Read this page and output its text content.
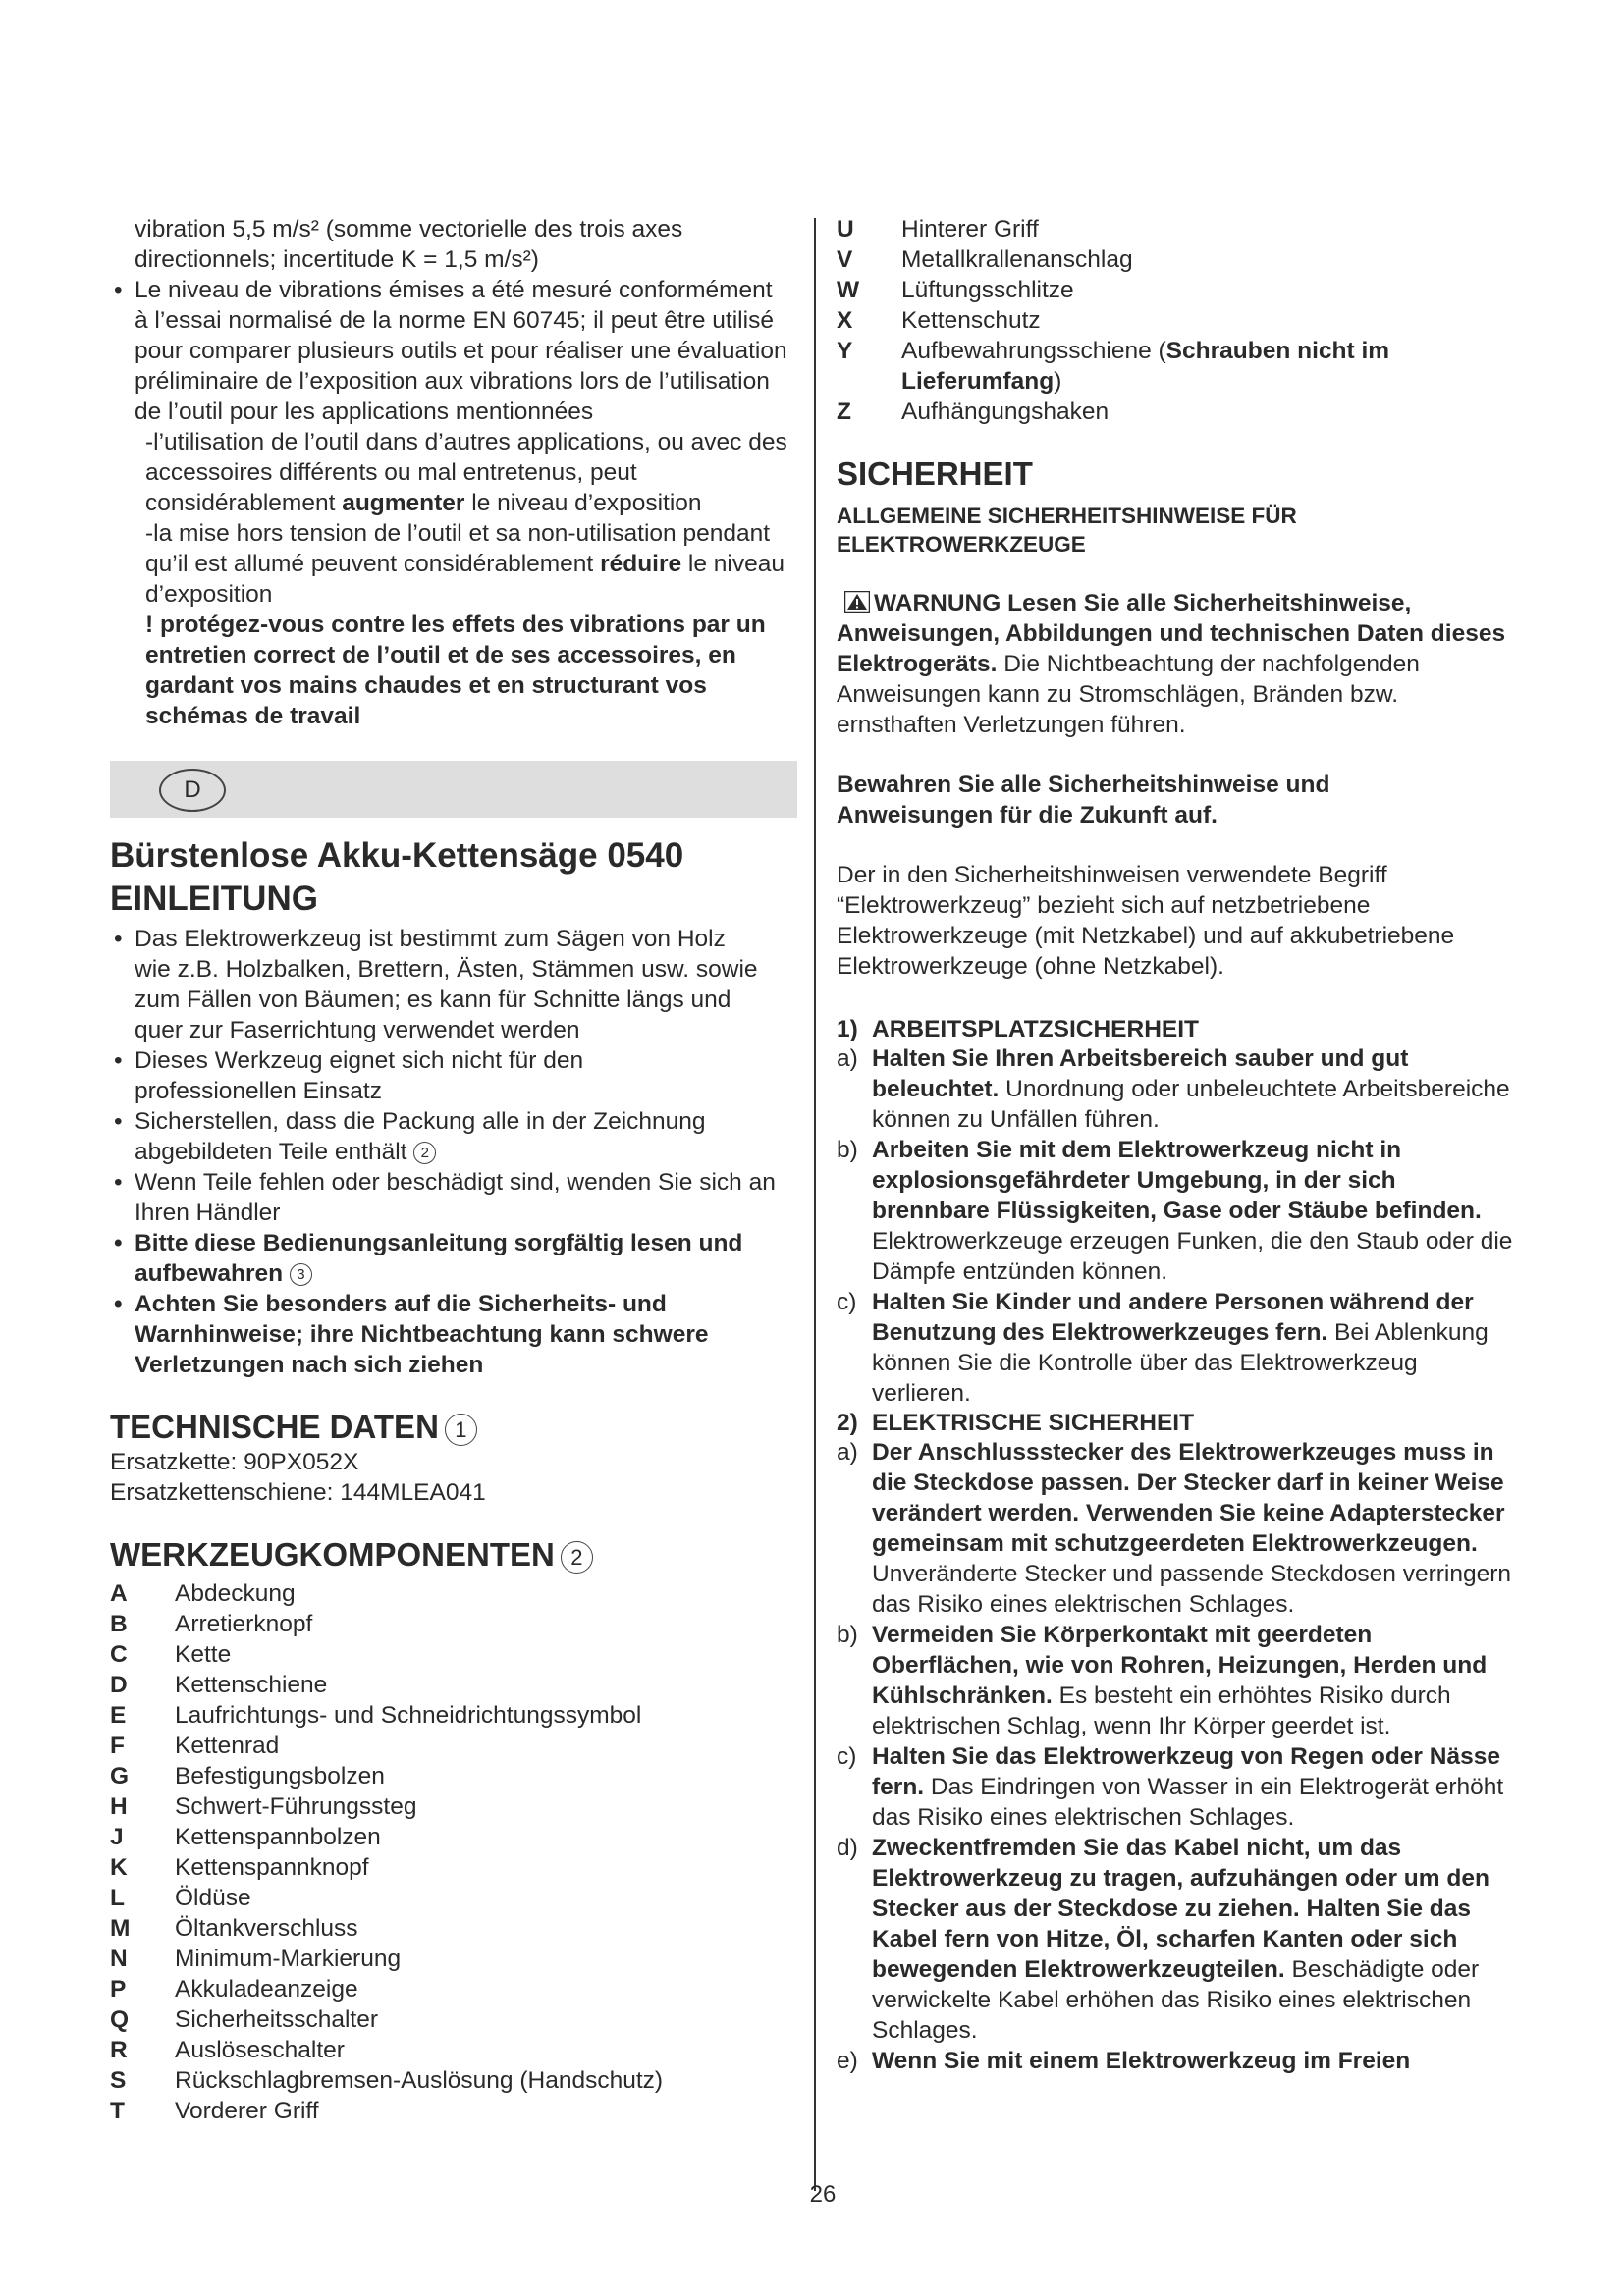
vibration 5,5 m/s² (somme vectorielle des trois axes

directionnels; incertitude K = 1,5 m/s²)

• Le niveau de vibrations émises a été mesuré conformément à l’essai normalisé de la norme EN 60745; il peut être utilisé pour comparer plusieurs outils et pour réaliser une évaluation préliminaire de l’exposition aux vibrations lors de l’utilisation de l’outil pour les applications mentionnées

-l’utilisation de l’outil dans d’autres applications, ou avec des accessoires différents ou mal entretenus, peut considérablement augmenter le niveau d’exposition

-la mise hors tension de l’outil et sa non-utilisation pendant qu’il est allumé peuvent considérablement réduire le niveau d’exposition

! protégez-vous contre les effets des vibrations par un entretien correct de l’outil et de ses accessoires, en gardant vos mains chaudes et en structurant vos schémas de travail

D

Bürstenlose Akku-Kettensäge 0540

EINLEITUNG

• Das Elektrowerkzeug ist bestimmt zum Sägen von Holz wie z.B. Holzbalken, Brettern, Ästen, Stämmen usw. sowie zum Fällen von Bäumen; es kann für Schnitte längs und quer zur Faserrichtung verwendet werden

• Dieses Werkzeug eignet sich nicht für den professionellen Einsatz

• Sicherstellen, dass die Packung alle in der Zeichnung abgebildeten Teile enthält 2

• Wenn Teile fehlen oder beschädigt sind, wenden Sie sich an Ihren Händler

• Bitte diese Bedienungsanleitung sorgfältig lesen und aufbewahren 3

• Achten Sie besonders auf die Sicherheits- und Warnhinweise; ihre Nichtbeachtung kann schwere Verletzungen nach sich ziehen

TECHNISCHE DATEN 1

Ersatzkette: 90PX052X

Ersatzkettenschiene: 144MLEA041

WERKZEUGKOMPONENTEN 2

A	Abdeckung
B	Arretierknopf
C	Kette
D	Kettenschiene
E	Laufrichtungs- und Schneidrichtungssymbol
F	Kettenrad
G	Befestigungsbolzen
H	Schwert-Führungssteg
J	Kettenspannbolzen
K	Kettenspannknopf
L	Öldüse
M	Öltankverschluss
N	Minimum-Markierung
P	Akkuladeanzeige
Q	Sicherheitsschalter
R	Auslöseschalter
S	Rückschlagbremsen-Auslösung (Handschutz)
T	Vorderer Griff
U	Hinterer Griff
V	Metallkrallenanschlag
W	Lüftungsschlitze
X	Kettenschutz
Y	Aufbewahrungsschiene (Schrauben nicht im Lieferumfang)
Z	Aufhängungshaken

SICHERHEIT

ALLGEMEINE SICHERHEITSHINWEISE FÜR ELEKTROWERKZEUGE

WARNUNG Lesen Sie alle Sicherheitshinweise, Anweisungen, Abbildungen und technischen Daten dieses Elektrogeräts. Die Nichtbeachtung der nachfolgenden Anweisungen kann zu Stromschlägen, Bränden bzw. ernsthaften Verletzungen führen.

Bewahren Sie alle Sicherheitshinweise und Anweisungen für die Zukunft auf.

Der in den Sicherheitshinweisen verwendete Begriff “Elektrowerkzeug” bezieht sich auf netzbetriebene Elektrowerkzeuge (mit Netzkabel) und auf akkubetriebene Elektrowerkzeuge (ohne Netzkabel).

1) ARBEITSPLATZSICHERHEIT
a) Halten Sie Ihren Arbeitsbereich sauber und gut beleuchtet. Unordnung oder unbeleuchtete Arbeitsbereiche können zu Unfällen führen.
b) Arbeiten Sie mit dem Elektrowerkzeug nicht in explosionsgefährdeter Umgebung, in der sich brennbare Flüssigkeiten, Gase oder Stäube befinden. Elektrowerkzeuge erzeugen Funken, die den Staub oder die Dämpfe entzünden können.
c) Halten Sie Kinder und andere Personen während der Benutzung des Elektrowerkzeuges fern. Bei Ablenkung können Sie die Kontrolle über das Elektrowerkzeug verlieren.
2) ELEKTRISCHE SICHERHEIT
a) Der Anschlussstecker des Elektrowerkzeuges muss in die Steckdose passen. Der Stecker darf in keiner Weise verändert werden. Verwenden Sie keine Adapterstecker gemeinsam mit schutzgeerdeten Elektrowerkzeugen. Unveränderte Stecker und passende Steckdosen verringern das Risiko eines elektrischen Schlages.
b) Vermeiden Sie Körperkontakt mit geerdeten Oberflächen, wie von Rohren, Heizungen, Herden und Kühlschränken. Es besteht ein erhöhtes Risiko durch elektrischen Schlag, wenn Ihr Körper geerdet ist.
c) Halten Sie das Elektrowerkzeug von Regen oder Nässe fern. Das Eindringen von Wasser in ein Elektrogerät erhöht das Risiko eines elektrischen Schlages.
d) Zweckentfremden Sie das Kabel nicht, um das Elektrowerkzeug zu tragen, aufzuhängen oder um den Stecker aus der Steckdose zu ziehen. Halten Sie das Kabel fern von Hitze, Öl, scharfen Kanten oder sich bewegenden Elektrowerkzeugteilen. Beschädigte oder verwickelte Kabel erhöhen das Risiko eines elektrischen Schlages.
e) Wenn Sie mit einem Elektrowerkzeug im Freien
26
